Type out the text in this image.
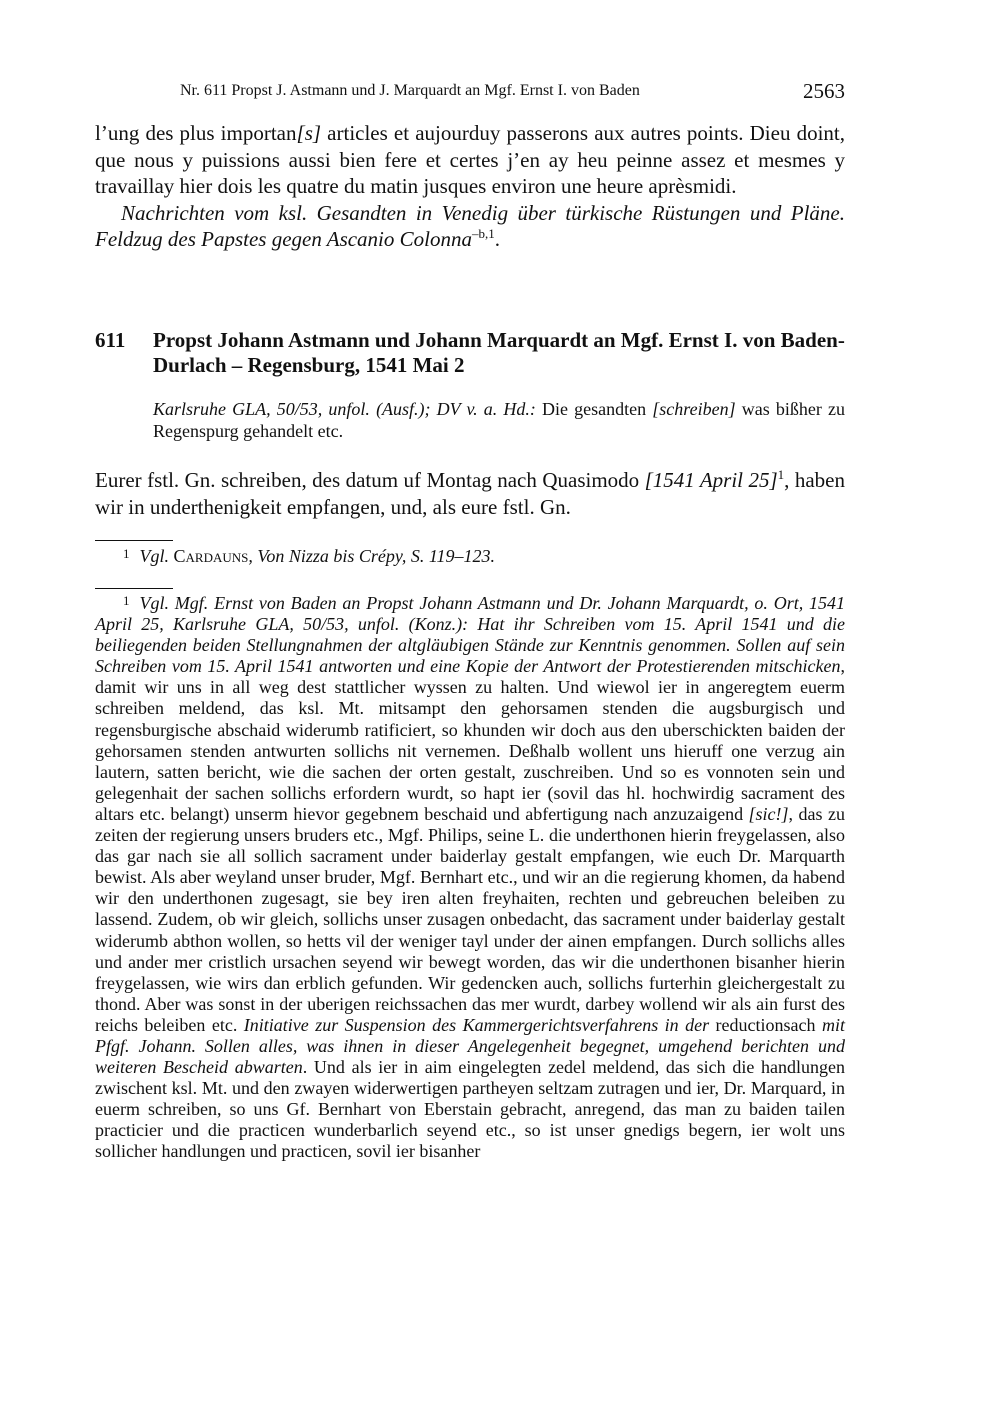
Nr. 611 Propst J. Astmann und J. Marquardt an Mgf. Ernst I. von Baden	2563

l’ung des plus importan[s] articles et aujourduy passerons aux autres points. Dieu doint, que nous y puissions aussi bien fere et certes j’en ay heu peinne assez et mesmes y travaillay hier dois les quatre du matin jusques environ une heure aprèsmidi.

Nachrichten vom ksl. Gesandten in Venedig über türkische Rüstungen und Pläne. Feldzug des Papstes gegen Ascanio Colonna$^{-b,1}$.

611 Propst Johann Astmann und Johann Marquardt an Mgf. Ernst I. von Baden-Durlach – Regensburg, 1541 Mai 2

Karlsruhe GLA, 50/53, unfol. (Ausf.); DV v. a. Hd.: Die gesandten [schreiben] was bißher zu Regenspurg gehandelt etc.

Eurer fstl. Gn. schreiben, des datum uf Montag nach Quasimodo [1541 April 25]$^1$, haben wir in underthenigkeit empfangen, und, als eure fstl. Gn.

$^1$ Vgl. Cardauns, Von Nizza bis Crépy, S. 119–123.

$^1$ Vgl. Mgf. Ernst von Baden an Propst Johann Astmann und Dr. Johann Marquardt, o. Ort, 1541 April 25, Karlsruhe GLA, 50/53, unfol. (Konz.): Hat ihr Schreiben vom 15. April 1541 und die beiliegenden beiden Stellungnahmen der altgläubigen Stände zur Kenntnis genommen. Sollen auf sein Schreiben vom 15. April 1541 antworten und eine Kopie der Antwort der Protestierenden mitschicken, damit wir uns in all weg dest stattlicher wyssen zu halten. Und wiewol ier in angeregtem euerm schreiben meldend, das ksl. Mt. mitsampt den gehorsamen stenden die augsburgisch und regensburgische abschaid widerumb ratificiert, so khunden wir doch aus den uberschickten baiden der gehorsamen stenden antwurten sollichs nit vernemen. Deßhalb wollent uns hieruff one verzug ain lautern, satten bericht, wie die sachen der orten gestalt, zuschreiben. Und so es vonnoten sein und gelegenhait der sachen sollichs erfordern wurdt, so hapt ier (sovil das hl. hochwirdig sacrament des altars etc. belangt) unserm hievor gegebnem beschaid und abfertigung nach anzuzaigend [sic!], das zu zeiten der regierung unsers bruders etc., Mgf. Philips, seine L. die underthonen hierin freygelassen, also das gar nach sie all sollich sacrament under baiderlay gestalt empfangen, wie euch Dr. Marquarth bewist. Als aber weyland unser bruder, Mgf. Bernhart etc., und wir an die regierung khomen, da habend wir den underthonen zugesagt, sie bey iren alten freyhaiten, rechten und gebreuchen beleiben zu lassend. Zudem, ob wir gleich, sollichs unser zusagen onbedacht, das sacrament under baiderlay gestalt widerumb abthon wollen, so hetts vil der weniger tayl under der ainen empfangen. Durch sollichs alles und ander mer cristlich ursachen seyend wir bewegt worden, das wir die underthonen bisanher hierin freygelassen, wie wirs dan erblich gefunden. Wir gedencken auch, sollichs furterhin gleichergestalt zu thond. Aber was sonst in der uberigen reichssachen das mer wurdt, darbey wollend wir als ain furst des reichs beleiben etc. Initiative zur Suspension des Kammergerichtsverfahrens in der reductionsach mit Pfgf. Johann. Sollen alles, was ihnen in dieser Angelegenheit begegnet, umgehend berichten und weiteren Bescheid abwarten. Und als ier in aim eingelegten zedel meldend, das sich die handlungen zwischent ksl. Mt. und den zwayen widerwertigen partheyen seltzam zutragen und ier, Dr. Marquard, in euerm schreiben, so uns Gf. Bernhart von Eberstain gebracht, anregend, das man zu baiden tailen practicier und die practicen wunderbarlich seyend etc., so ist unser gnedigs begern, ier wolt uns sollicher handlungen und practicen, sovil ier bisanher
